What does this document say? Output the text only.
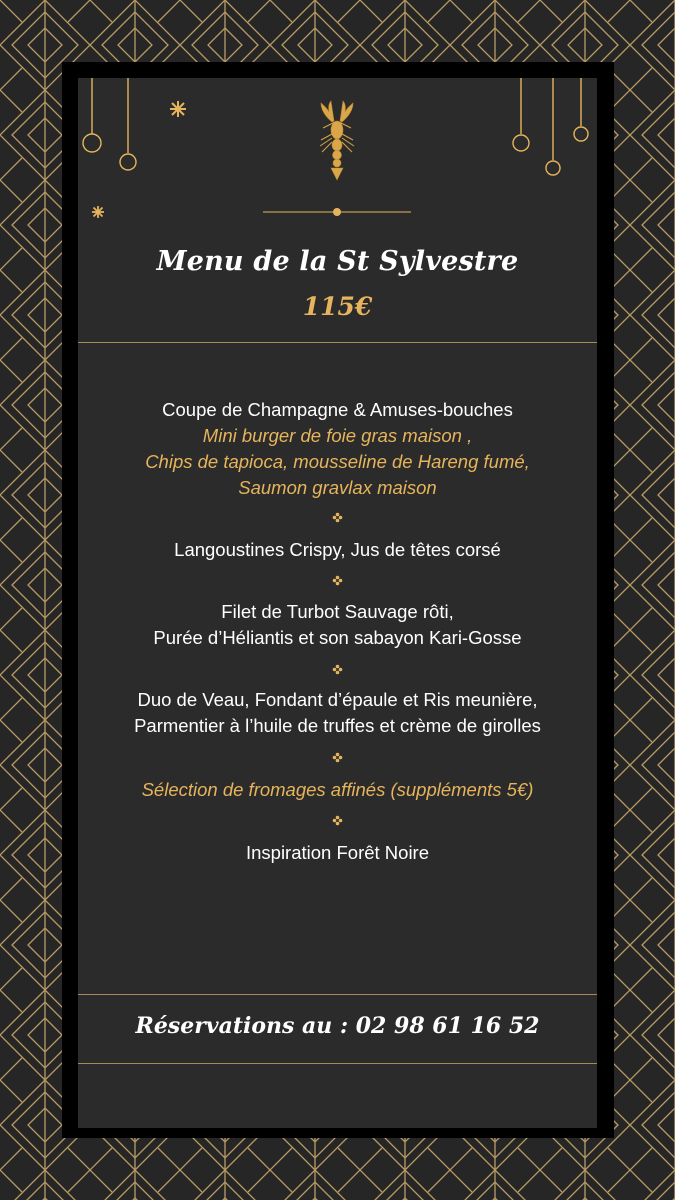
Menu de la St Sylvestre
115€
Coupe de Champagne & Amuses-bouches
Mini burger de foie gras maison ,
Chips de tapioca, mousseline de Hareng fumé,
Saumon gravlax maison
Langoustines Crispy, Jus de têtes corsé
Filet de Turbot Sauvage rôti,
Purée d’Héliantis et son sabayon Kari-Gosse
Duo de Veau, Fondant d’épaule et Ris meunière,
Parmentier à l’huile de truffes et crème de girolles
Sélection de fromages affinés (suppléments 5€)
Inspiration Forêt Noire
Réservations au : 02 98 61 16 52
